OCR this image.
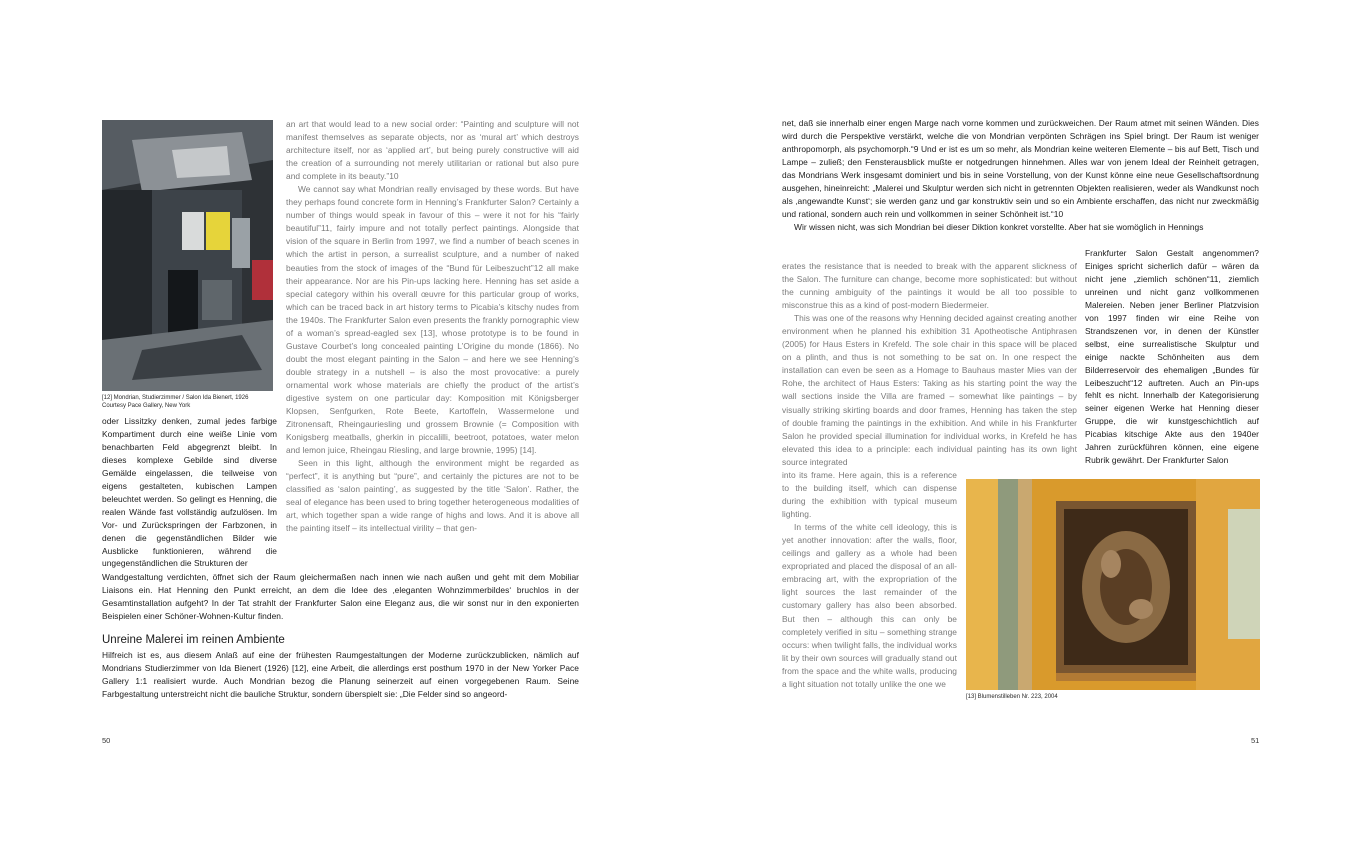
[12] Mondrian, Studierzimmer / Salon Ida Bienert, 1926
Courtesy Pace Gallery, New York

an art that would lead to a new social order: “Painting and sculpture will not manifest themselves as separate objects, nor as ‘mural art’ which destroys architecture itself, nor as ‘applied art’, but being purely constructive will aid the creation of a surrounding not merely utilitarian or rational but also pure and complete in its beauty.”10

We cannot say what Mondrian really envisaged by these words. But have they perhaps found concrete form in Henning’s Frankfurter Salon? Certainly a number of things would speak in favour of this – were it not for his “fairly beautiful”11, fairly impure and not totally perfect paintings. Alongside that vision of the square in Berlin from 1997, we find a number of beach scenes in which the artist in person, a surrealist sculpture, and a number of naked beauties from the stock of images of the “Bund für Leibeszucht”12 all make their appearance. Nor are his Pin-ups lacking here. Henning has set aside a special category within his overall œuvre for this particular group of works, which can be traced back in art history terms to Picabia’s kitschy nudes from the 1940s. The Frankfurter Salon even presents the frankly pornographic view of a woman’s spread-eagled sex [13], whose prototype is to be found in Gustave Courbet’s long concealed painting L’Origine du monde (1866). No doubt the most elegant painting in the Salon – and here we see Henning’s double strategy in a nutshell – is also the most provocative: a purely ornamental work whose materials are chiefly the product of the artist’s digestive system on one particular day: Komposition mit Königsberger Klopsen, Senfgurken, Rote Beete, Kartoffeln, Wassermelone und Zitronensaft, Rheingauriesling und grossem Brownie (= Composition with Konigsberg meatballs, gherkin in piccalilli, beetroot, potatoes, water melon and lemon juice, Rheingau Riesling, and large brownie, 1995) [14].

Seen in this light, although the environment might be regarded as “perfect”, it is anything but “pure”, and certainly the pictures are not to be classified as ‘salon painting’, as suggested by the title ‘Salon’. Rather, the seal of elegance has been used to bring together heterogeneous modalities of art, which together span a wide range of highs and lows. And it is above all the painting itself – its intellectual virility – that gen-

oder Lissitzky denken, zumal jedes farbige Kompartiment durch eine weiße Linie vom benachbarten Feld abgegrenzt bleibt. In dieses komplexe Gebilde sind diverse Gemälde eingelassen, die teilweise von eigens gestalteten, kubischen Lampen beleuchtet werden. So gelingt es Henning, die realen Wände fast vollständig aufzulösen. Im Vor- und Zurückspringen der Farbzonen, in denen die gegenständlichen Bilder wie Ausblicke funktionieren, während die ungegenständlichen die Strukturen der

Wandgestaltung verdichten, öffnet sich der Raum gleichermaßen nach innen wie nach außen und geht mit dem Mobiliar Liaisons ein. Hat Henning den Punkt erreicht, an dem die Idee des ‚eleganten Wohnzimmerbildes‘ bruchlos in der Gesamtinstallation aufgeht? In der Tat strahlt der Frankfurter Salon eine Eleganz aus, die wir sonst nur in den exponierten Beispielen einer Schöner-Wohnen-Kultur finden.

Unreine Malerei im reinen Ambiente

Hilfreich ist es, aus diesem Anlaß auf eine der frühesten Raumgestaltungen der Moderne zurückzublicken, nämlich auf Mondrians Studierzimmer von Ida Bienert (1926) [12], eine Arbeit, die allerdings erst posthum 1970 in der New Yorker Pace Gallery 1:1 realisiert wurde. Auch Mondrian bezog die Planung seinerzeit auf einen vorgegebenen Raum. Seine Farbgestaltung unterstreicht nicht die bauliche Struktur, sondern überspielt sie: „Die Felder sind so angeord-

50

net, daß sie innerhalb einer engen Marge nach vorne kommen und zurückweichen. Der Raum atmet mit seinen Wänden. Dies wird durch die Perspektive verstärkt, welche die von Mondrian verpönten Schrägen ins Spiel bringt. Der Raum ist weniger anthropomorph, als psychomorph.“9 Und er ist es um so mehr, als Mondrian keine weiteren Elemente – bis auf Bett, Tisch und Lampe – zuließ; den Fensterausblick mußte er notgedrungen hinnehmen. Alles war von jenem Ideal der Reinheit getragen, das Mondrians Werk insgesamt dominiert und bis in seine Vorstellung, von der Kunst könne eine neue Gesellschaftsordnung ausgehen, hineinreicht: „Malerei und Skulptur werden sich nicht in getrennten Objekten realisieren, weder als Wandkunst noch als ‚angewandte Kunst‘; sie werden ganz und gar konstruktiv sein und so ein Ambiente erschaffen, das nicht nur zweckmäßig und rational, sondern auch rein und vollkommen in seiner Schönheit ist.“10

Wir wissen nicht, was sich Mondrian bei dieser Diktion konkret vorstellte. Aber hat sie womöglich in Hennings

Frankfurter Salon Gestalt angenommen? Einiges spricht sicherlich dafür – wären da nicht jene „ziemlich schönen“11, ziemlich unreinen und nicht ganz vollkommenen Malereien. Neben jener Berliner Platzvision von 1997 finden wir eine Reihe von Strandszenen vor, in denen der Künstler selbst, eine surrealistische Skulptur und einige nackte Schönheiten aus dem Bilderreservoir des ehemaligen „Bundes für Leibeszucht“12 auftreten. Auch an Pin-ups fehlt es nicht. Innerhalb der Kategorisierung seiner eigenen Werke hat Henning dieser Gruppe, die wir kunstgeschichtlich auf Picabias kitschige Akte aus den 1940er Jahren zurückführen können, eine eigene Rubrik gewährt. Der Frankfurter Salon

erates the resistance that is needed to break with the apparent slickness of the Salon. The furniture can change, become more sophisticated: but without the cunning ambiguity of the paintings it would be all too possible to misconstrue this as a kind of post-modern Biedermeier.

This was one of the reasons why Henning decided against creating another environment when he planned his exhibition 31 Apotheotische Antiphrasen (2005) for Haus Esters in Krefeld. The sole chair in this space will be placed on a plinth, and thus is not something to be sat on. In one respect the installation can even be seen as a Homage to Bauhaus master Mies van der Rohe, the architect of Haus Esters: Taking as his starting point the way the wall sections inside the Villa are framed – somewhat like paintings – by visually striking skirting boards and door frames, Henning has taken the step of double framing the paintings in the exhibition. And while in his Frankfurter Salon he provided special illumination for individual works, in Krefeld he has elevated this idea to a principle: each individual painting has its own light source integrated

into its frame. Here again, this is a reference to the building itself, which can dispense during the exhibition with typical museum lighting.

In terms of the white cell ideology, this is yet another innovation: after the walls, floor, ceilings and gallery as a whole had been expropriated and placed the disposal of an all-embracing art, with the expropriation of the light sources the last remainder of the customary gallery has also been absorbed. But then – although this can only be completely verified in situ – something strange occurs: when twilight falls, the individual works lit by their own sources will gradually stand out from the space and the white walls, producing a light situation not totally unlike the one we

[13] Blumenstilleben Nr. 223, 2004
51
